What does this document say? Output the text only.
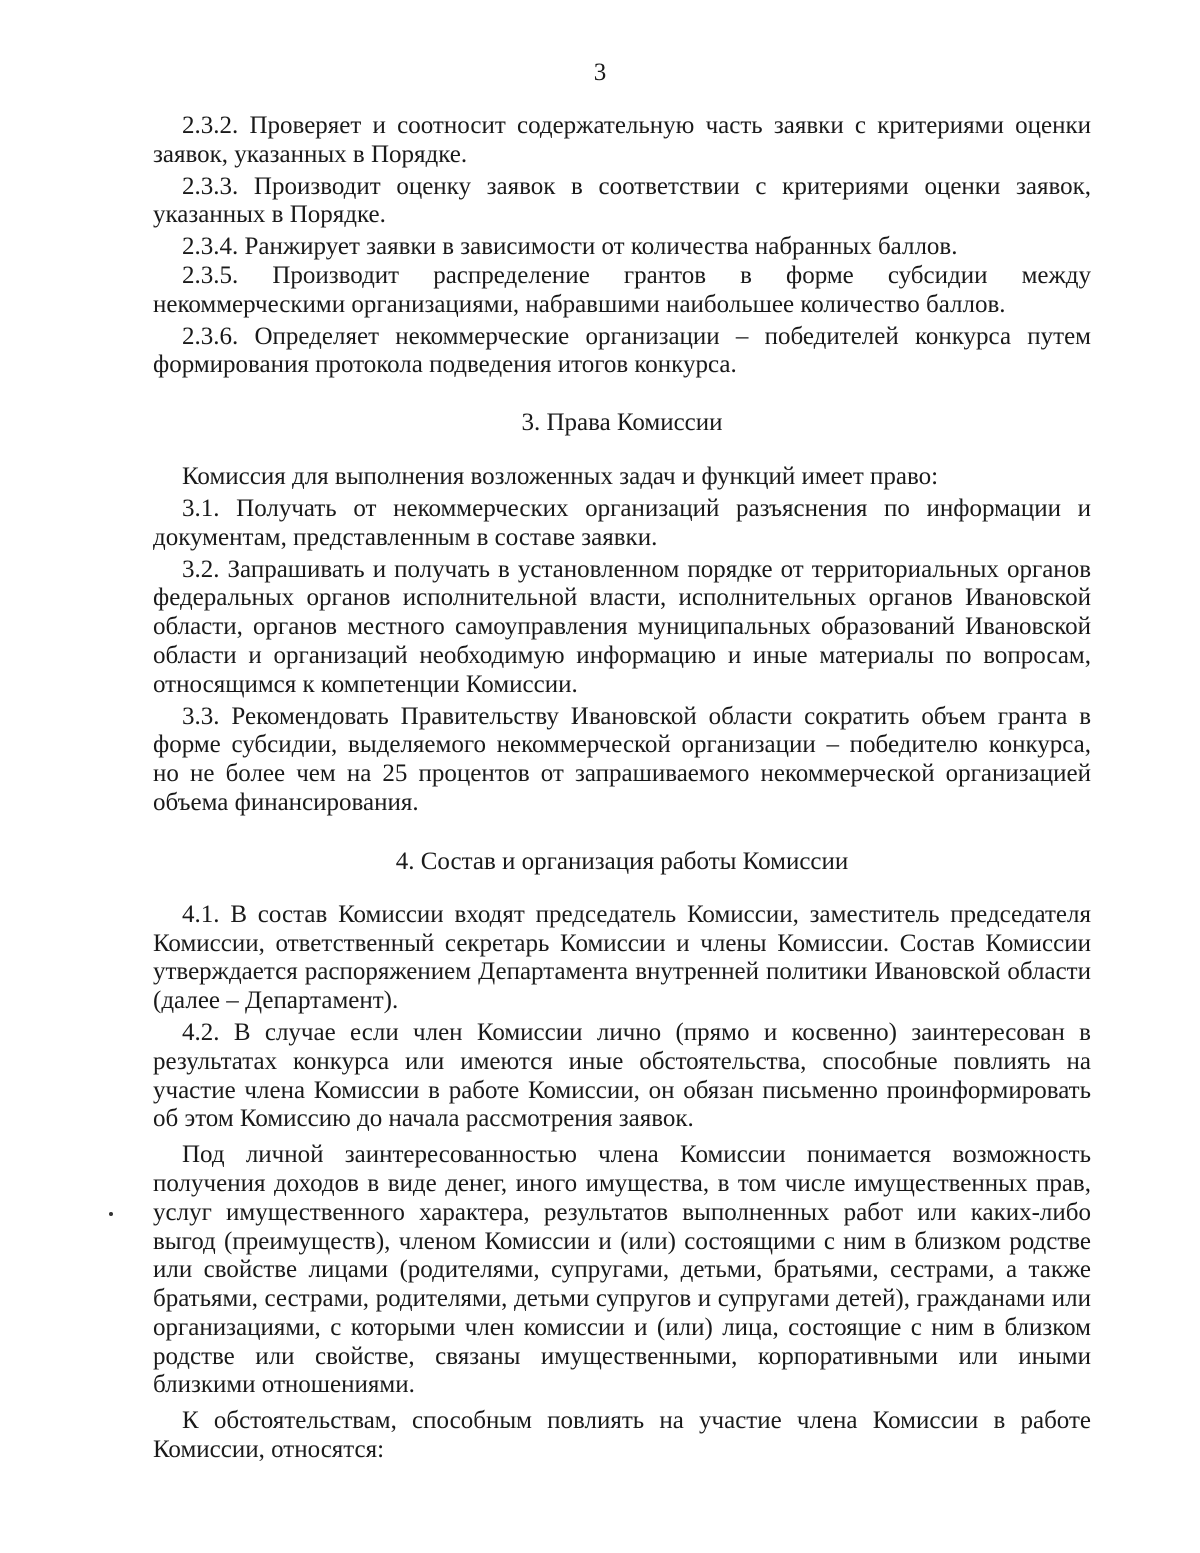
3

2.3.2. Проверяет и соотносит содержательную часть заявки с критериями оценки заявок, указанных в Порядке.

2.3.3. Производит оценку заявок в соответствии с критериями оценки заявок, указанных в Порядке.

2.3.4. Ранжирует заявки в зависимости от количества набранных баллов.

2.3.5. Производит распределение грантов в форме субсидии между некоммерческими организациями, набравшими наибольшее количество баллов.

2.3.6. Определяет некоммерческие организации – победителей конкурса путем формирования протокола подведения итогов конкурса.

3. Права Комиссии

Комиссия для выполнения возложенных задач и функций имеет право:

3.1. Получать от некоммерческих организаций разъяснения по информации и документам, представленным в составе заявки.

3.2. Запрашивать и получать в установленном порядке от территориальных органов федеральных органов исполнительной власти, исполнительных органов Ивановской области, органов местного самоуправления муниципальных образований Ивановской области и организаций необходимую информацию и иные материалы по вопросам, относящимся к компетенции Комиссии.

3.3. Рекомендовать Правительству Ивановской области сократить объем гранта в форме субсидии, выделяемого некоммерческой организации – победителю конкурса, но не более чем на 25 процентов от запрашиваемого некоммерческой организацией объема финансирования.

4. Состав и организация работы Комиссии

4.1. В состав Комиссии входят председатель Комиссии, заместитель председателя Комиссии, ответственный секретарь Комиссии и члены Комиссии. Состав Комиссии утверждается распоряжением Департамента внутренней политики Ивановской области (далее – Департамент).

4.2. В случае если член Комиссии лично (прямо и косвенно) заинтересован в результатах конкурса или имеются иные обстоятельства, способные повлиять на участие члена Комиссии в работе Комиссии, он обязан письменно проинформировать об этом Комиссию до начала рассмотрения заявок.

Под личной заинтересованностью члена Комиссии понимается возможность получения доходов в виде денег, иного имущества, в том числе имущественных прав, услуг имущественного характера, результатов выполненных работ или каких-либо выгод (преимуществ), членом Комиссии и (или) состоящими с ним в близком родстве или свойстве лицами (родителями, супругами, детьми, братьями, сестрами, а также братьями, сестрами, родителями, детьми супругов и супругами детей), гражданами или организациями, с которыми член комиссии и (или) лица, состоящие с ним в близком родстве или свойстве, связаны имущественными, корпоративными или иными близкими отношениями.

К обстоятельствам, способным повлиять на участие члена Комиссии в работе Комиссии, относятся:
